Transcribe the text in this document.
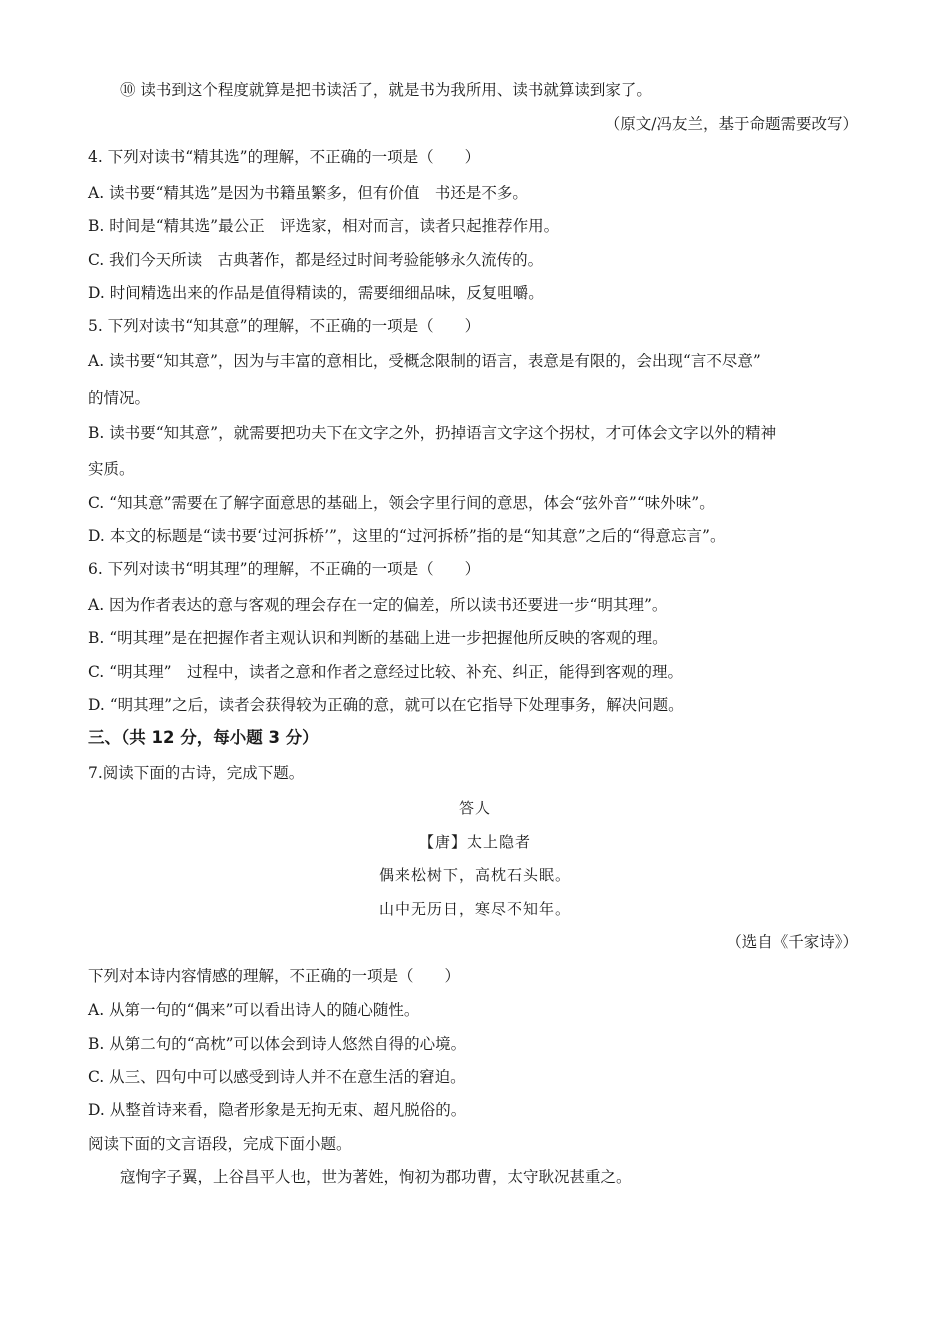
⑩ 读书到这个程度就算是把书读活了，就是书为我所用、读书就算读到家了。
（原文/冯友兰，基于命题需要改写）
4. 下列对读书“精其选”的理解，不正确的一项是（　　）
A. 读书要“精其选”是因为书籍虽繁多，但有价值　书还是不多。
B. 时间是“精其选”最公正　评选家，相对而言，读者只起推荐作用。
C. 我们今天所读　古典著作，都是经过时间考验能够永久流传的。
D. 时间精选出来的作品是值得精读的，需要细细品味，反复咀嚼。
5. 下列对读书“知其意”的理解，不正确的一项是（　　）
A. 读书要“知其意”，因为与丰富的意相比，受概念限制的语言，表意是有限的，会出现“言不尽意”
的情况。
B. 读书要“知其意”，就需要把功夫下在文字之外，扔掉语言文字这个拐杖，才可体会文字以外的精神
实质。
C. “知其意”需要在了解字面意思的基础上，领会字里行间的意思，体会“弦外音”“味外味”。
D. 本文的标题是“读书要‘过河拆桥’”，这里的“过河拆桥”指的是“知其意”之后的“得意忘言”。
6. 下列对读书“明其理”的理解，不正确的一项是（　　）
A. 因为作者表达的意与客观的理会存在一定的偏差，所以读书还要进一步“明其理”。
B. “明其理”是在把握作者主观认识和判断的基础上进一步把握他所反映的客观的理。
C. “明其理”　过程中，读者之意和作者之意经过比较、补充、纠正，能得到客观的理。
D. “明其理”之后，读者会获得较为正确的意，就可以在它指导下处理事务，解决问题。
三、（共 12 分，每小题 3 分）
7.阅读下面的古诗，完成下题。
答人
【唐】太上隐者
偶来松树下，高枕石头眠。
山中无历日，寒尽不知年。
（选自《千家诗》）
下列对本诗内容情感的理解，不正确的一项是（　　）
A. 从第一句的“偶来”可以看出诗人的随心随性。
B. 从第二句的“高枕”可以体会到诗人悠然自得的心境。
C. 从三、四句中可以感受到诗人并不在意生活的窘迫。
D. 从整首诗来看，隐者形象是无拘无束、超凡脱俗的。
阅读下面的文言语段，完成下面小题。
寇恂字子翼，上谷昌平人也，世为著姓，恂初为郡功曹，太守耿况甚重之。
